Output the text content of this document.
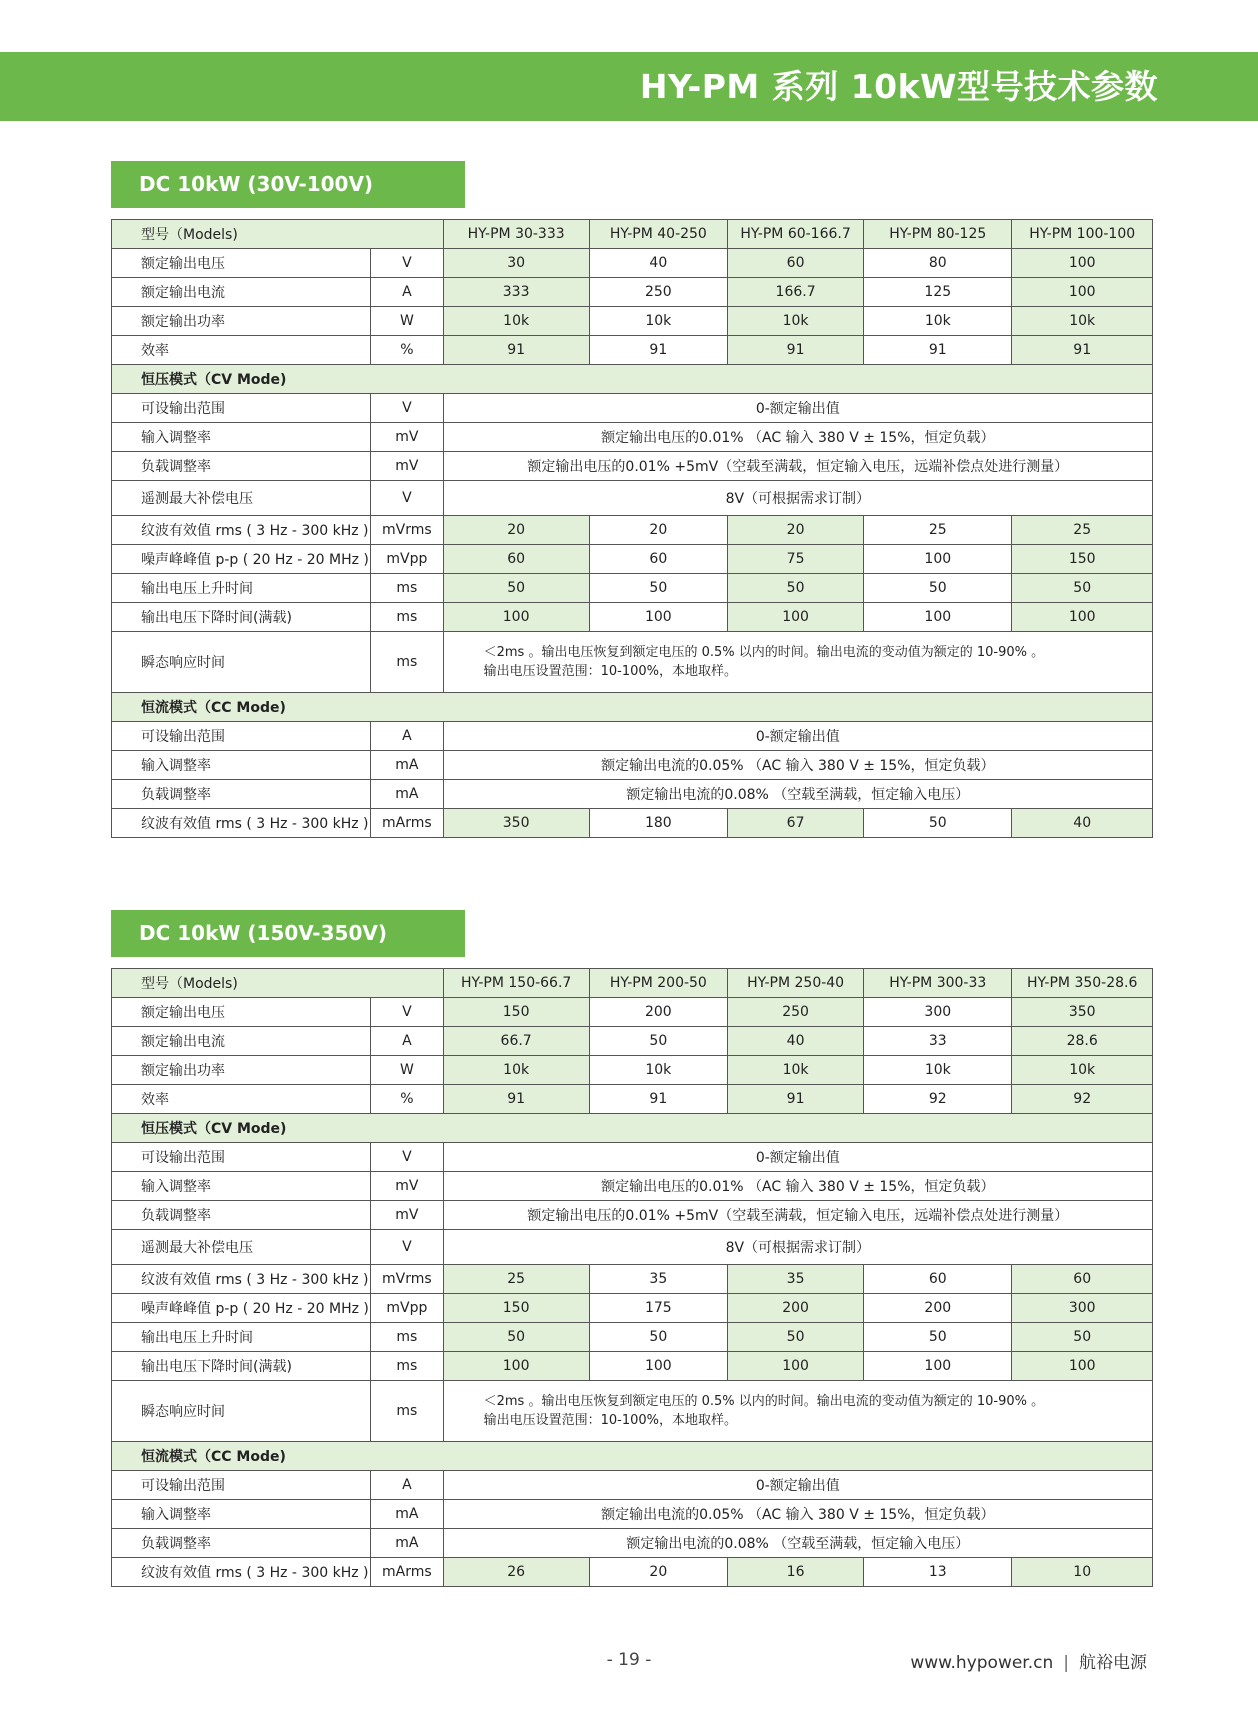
HY-PM 系列 10kW型号技术参数
DC 10kW (30V-100V)
型号（Models)		HY-PM 30-333	HY-PM 40-250	HY-PM 60-166.7	HY-PM 80-125	HY-PM 100-100
额定输出电压	V	30	40	60	80	100
额定输出电流	A	333	250	166.7	125	100
额定输出功率	W	10k	10k	10k	10k	10k
效率	%	91	91	91	91	91
恒压模式（CV Mode)						
可设输出范围	V	0-额定输出值				
输入调整率	mV	额定输出电压的0.01% （AC 输入 380 V ± 15%，恒定负载）				
负载调整率	mV	额定输出电压的0.01% +5mV（空载至满载，恒定输入电压，远端补偿点处进行测量）				
遥测最大补偿电压	V	8V（可根据需求订制）				
纹波有效值 rms ( 3 Hz - 300 kHz )	mVrms	20	20	20	25	25
噪声峰峰值 p-p ( 20 Hz - 20 MHz )	mVpp	60	60	75	100	150
输出电压上升时间	ms	50	50	50	50	50
输出电压下降时间(满载)	ms	100	100	100	100	100
瞬态响应时间	ms	＜2ms 。输出电压恢复到额定电压的 0.5% 以内的时间。输出电流的变动值为额定的 10-90% 。
输出电压设置范围：10-100%，本地取样。				

恒流模式（CC Mode)						
可设输出范围	A	0-额定输出值				
输入调整率	mA	额定输出电流的0.05% （AC 输入 380 V ± 15%，恒定负载）				
负载调整率	mA	额定输出电流的0.08% （空载至满载，恒定输入电压）				
纹波有效值 rms ( 3 Hz - 300 kHz )	mArms	350	180	67	50	40
DC 10kW (150V-350V)
型号（Models)		HY-PM 150-66.7	HY-PM 200-50	HY-PM 250-40	HY-PM 300-33	HY-PM 350-28.6
额定输出电压	V	150	200	250	300	350
额定输出电流	A	66.7	50	40	33	28.6
额定输出功率	W	10k	10k	10k	10k	10k
效率	%	91	91	91	92	92
恒压模式（CV Mode)						
可设输出范围	V	0-额定输出值				
输入调整率	mV	额定输出电压的0.01% （AC 输入 380 V ± 15%，恒定负载）				
负载调整率	mV	额定输出电压的0.01% +5mV（空载至满载，恒定输入电压，远端补偿点处进行测量）				
遥测最大补偿电压	V	8V（可根据需求订制）				
纹波有效值 rms ( 3 Hz - 300 kHz )	mVrms	25	35	35	60	60
噪声峰峰值 p-p ( 20 Hz - 20 MHz )	mVpp	150	175	200	200	300
输出电压上升时间	ms	50	50	50	50	50
输出电压下降时间(满载)	ms	100	100	100	100	100
瞬态响应时间	ms	＜2ms 。输出电压恢复到额定电压的 0.5% 以内的时间。输出电流的变动值为额定的 10-90% 。
输出电压设置范围：10-100%，本地取样。				

恒流模式（CC Mode)						
可设输出范围	A	0-额定输出值				
输入调整率	mA	额定输出电流的0.05% （AC 输入 380 V ± 15%，恒定负载）				
负载调整率	mA	额定输出电流的0.08% （空载至满载，恒定输入电压）				
纹波有效值 rms ( 3 Hz - 300 kHz )	mArms	26	20	16	13	10
- 19 -	www.hypower.cn | 航裕电源
